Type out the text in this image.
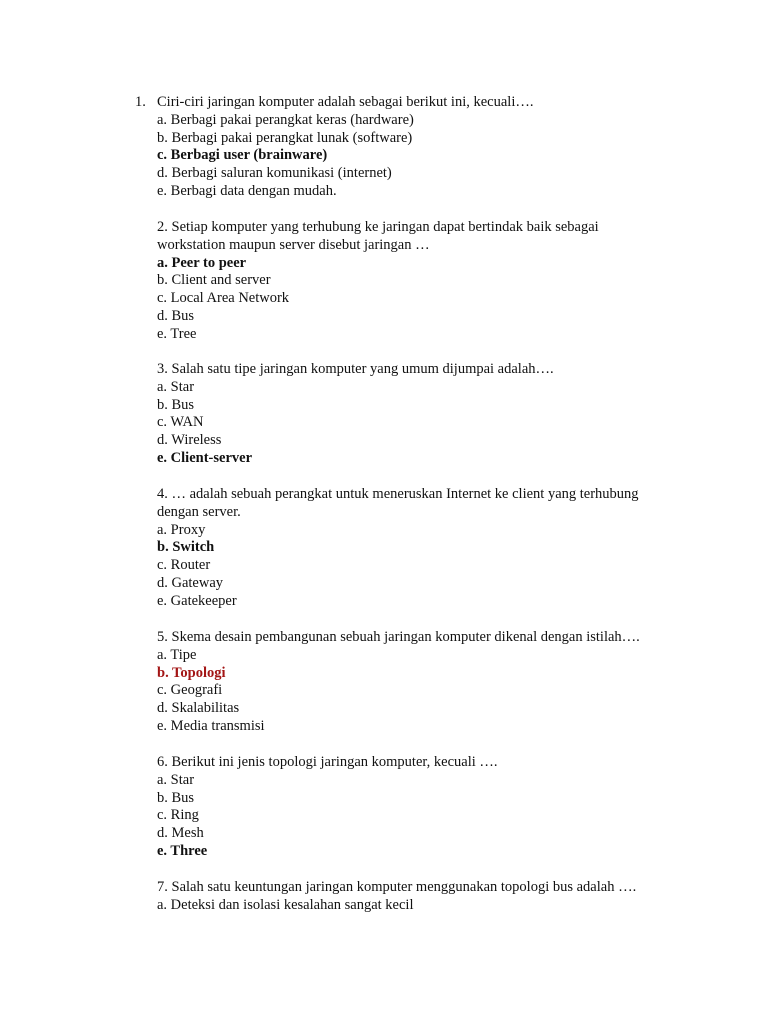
1. Ciri-ciri jaringan komputer adalah sebagai berikut ini, kecuali….

a. Berbagi pakai perangkat keras (hardware)

b. Berbagi pakai perangkat lunak (software)

c. Berbagi user (brainware)

d. Berbagi saluran komunikasi (internet)

e. Berbagi data dengan mudah.

2. Setiap komputer yang terhubung ke jaringan dapat bertindak baik sebagai

workstation maupun server disebut jaringan …

a. Peer to peer

b. Client and server

c. Local Area Network

d. Bus

e. Tree

3. Salah satu tipe jaringan komputer yang umum dijumpai adalah….

a. Star

b. Bus

c. WAN

d. Wireless

e. Client-server

4. … adalah sebuah perangkat untuk meneruskan Internet ke client yang terhubung

dengan server.

a. Proxy

b. Switch

c. Router

d. Gateway

e. Gatekeeper

5. Skema desain pembangunan sebuah jaringan komputer dikenal dengan istilah….

a. Tipe

b. Topologi

c. Geografi

d. Skalabilitas

e. Media transmisi

6. Berikut ini jenis topologi jaringan komputer, kecuali ….

a. Star

b. Bus

c. Ring

d. Mesh

e. Three

7. Salah satu keuntungan jaringan komputer menggunakan topologi bus adalah ….

a. Deteksi dan isolasi kesalahan sangat kecil
